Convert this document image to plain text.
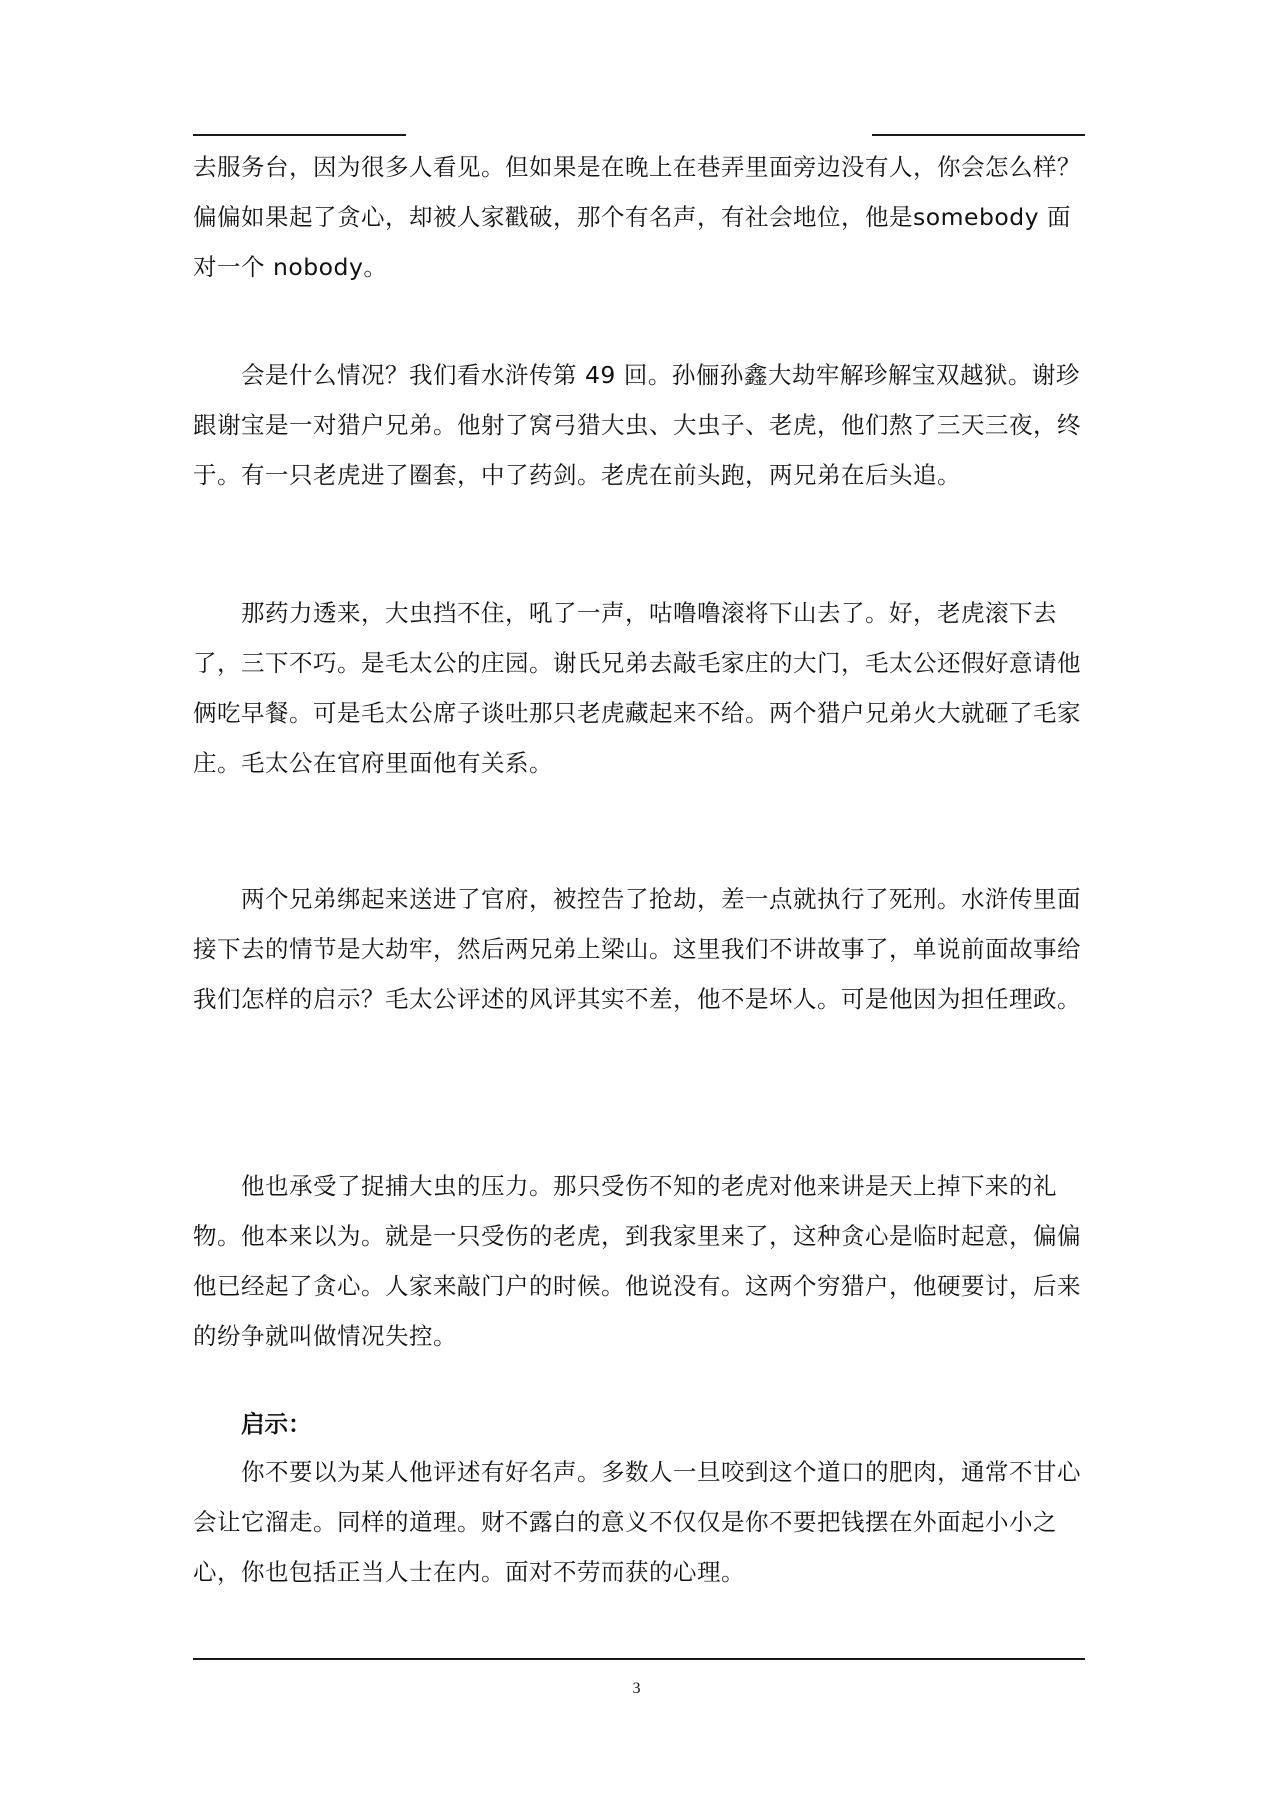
去服务台，因为很多人看见。但如果是在晚上在巷弄里面旁边没有人，你会怎么样？偏偏如果起了贪心，却被人家戳破，那个有名声，有社会地位，他是somebody 面对一个 nobody。

会是什么情况？我们看水浒传第 49 回。孙俪孙鑫大劫牢解珍解宝双越狱。谢珍跟谢宝是一对猎户兄弟。他射了窝弓猎大虫、大虫子、老虎，他们熬了三天三夜，终于。有一只老虎进了圈套，中了药剑。老虎在前头跑，两兄弟在后头追。

那药力透来，大虫挡不住，吼了一声，咕噜噜滚将下山去了。好，老虎滚下去了，三下不巧。是毛太公的庄园。谢氏兄弟去敲毛家庄的大门，毛太公还假好意请他俩吃早餐。可是毛太公席子谈吐那只老虎藏起来不给。两个猎户兄弟火大就砸了毛家庄。毛太公在官府里面他有关系。

两个兄弟绑起来送进了官府，被控告了抢劫，差一点就执行了死刑。水浒传里面接下去的情节是大劫牢，然后两兄弟上梁山。这里我们不讲故事了，单说前面故事给我们怎样的启示？毛太公评述的风评其实不差，他不是坏人。可是他因为担任理政。

他也承受了捉捕大虫的压力。那只受伤不知的老虎对他来讲是天上掉下来的礼物。他本来以为。就是一只受伤的老虎，到我家里来了，这种贪心是临时起意，偏偏他已经起了贪心。人家来敲门户的时候。他说没有。这两个穷猎户，他硬要讨，后来的纷争就叫做情况失控。

启示：

你不要以为某人他评述有好名声。多数人一旦咬到这个道口的肥肉，通常不甘心会让它溜走。同样的道理。财不露白的意义不仅仅是你不要把钱摆在外面起小小之心，你也包括正当人士在内。面对不劳而获的心理。

3
